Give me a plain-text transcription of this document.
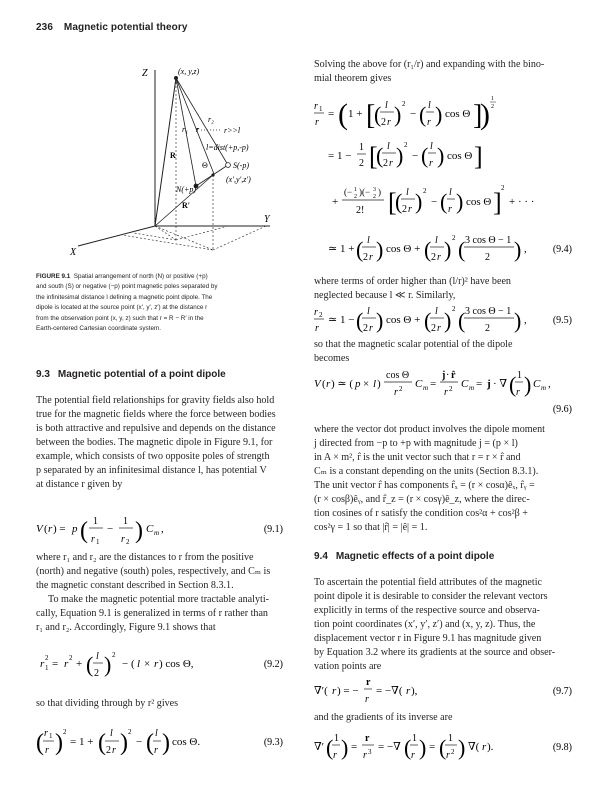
236 Magnetic potential theory
Z
Y
X
(x, y,z)
R
r₁ r
r₂
r>>l
l=dist(+p,-p)
Θ	S(-p)
N(+p)
(x′,y′,z′)
R′
FIGURE 9.1 Spatial arrangement of north (N) or positive (+p)
and south (S) or negative (−p) point magnetic poles separated by
the infinitesimal distance l defining a magnetic point dipole. The
dipole is located at the source point (x′, y′, z′) at the distance r
from the observation point (x, y, z) such that r = R − R′ in the
Earth-centered Cartesian coordinate system.
9.3 Magnetic potential of a point dipole
The potential field relationships for gravity fields also hold
true for the magnetic fields where the force between bodies
is both attractive and repulsive and depends on the distance
between the bodies. The magnetic dipole in Figure 9.1, for
example, which consists of two opposite poles of strength
p separated by an infinitesimal distance l, has potential V
at distance r given by
V ( r ) = p ( 1
r 1
−
1
r 2 ) C m ,	(9.1)
where r₁ and r₂ are the distances to r from the positive
(north) and negative (south) poles, respectively, and Cₘ is
the magnetic constant described in Section 8.3.1.
To make the magnetic potential more tractable analyti-
cally, Equation 9.1 is generalized in terms of r rather than
r₁ and r₂. Accordingly, Figure 9.1 shows that
r 2
1 = r 2 + ( l
2 ) 2
− ( l × r ) cos Θ,	(9.2)
so that dividing through by r² gives
( r 1
r ) 2
= 1 + ( l
2 r ) 2
− ( l
r ) cos Θ.	(9.3)
Solving the above for (r₁/r) and expanding with the bino-
mial theorem gives
r 1
r
= ( 1 + [
( l
2 r ) 2
− ( l
r ) cos Θ ]
) 1
2
= 1 −
1
2 [
( l
2 r ) 2
− ( l
r ) cos Θ ]
+
(− 1
2 )(− 3
2 )
2! [
( l
2 r ) 2
− ( l
r ) cos Θ ] 2
+ · · ·
≃ 1 + ( l
2 r ) cos Θ + ( l
2 r ) 2 ( 3 cos Θ − 1
2 ) ,	(9.4)
where terms of order higher than (l/r)² have been
neglected because l ≪ r. Similarly,
r 2
r
≃ 1 − ( l
2 r ) cos Θ + ( l
2 r ) 2 ( 3 cos Θ − 1
2 ) ,	(9.5)
so that the magnetic scalar potential of the dipole
becomes
V ( r ) ≃ ( p × l )
cos Θ
r 2 C m =
j · r̂
r 2 C m = j · ∇ ( 1
r ) C m ,
(9.6)
where the vector dot product involves the dipole moment
j directed from −p to +p with magnitude j = (p × l)
in A × m², r̂ is the unit vector such that r = r × r̂ and
Cₘ is a constant depending on the units (Section 8.3.1).
The unit vector r̂ has components r̂ₓ = (r × cosα)êₓ, r̂ᵧ =
(r × cosβ)êᵧ, and r̂_z = (r × cosγ)ê_z, where the direc-
tion cosines of r satisfy the condition cos²α + cos²β +
cos²γ = 1 so that |r̂| = |ê| = 1.
9.4 Magnetic effects of a point dipole
To ascertain the potential field attributes of the magnetic
point dipole it is desirable to consider the relevant vectors
explicitly in terms of the respective source and observa-
tion point coordinates (x′, y′, z′) and (x, y, z). Thus, the
displacement vector r in Figure 9.1 has magnitude given
by Equation 3.2 where its gradients at the source and obser-
vation points are
∇′( r ) = −
r
r
= −∇( r ),	(9.7)
and the gradients of its inverse are
∇′ ( 1
r ) =
r
r 3 = −∇ ( 1
r ) = ( 1
r 2 ) ∇( r ).	(9.8)
